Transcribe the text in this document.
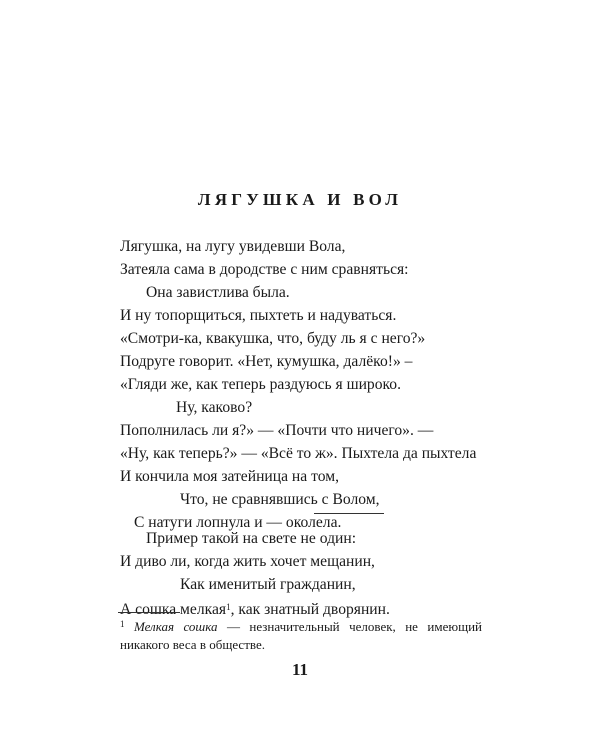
ЛЯГУШКА И ВОЛ
Лягушка, на лугу увидевши Вола,
Затеяла сама в дородстве с ним сравняться:
Она завистлива была.
И ну топорщиться, пыхтеть и надуваться.
«Смотри-ка, квакушка, что, буду ль я с него?»
Подруге говорит. «Нет, кумушка, далёко!» –
«Гляди же, как теперь раздуюсь я широко.
Ну, каково?
Пополнилась ли я?» — «Почти что ничего». —
«Ну, как теперь?» — «Всё то ж». Пыхтела да пыхтела
И кончила моя затейница на том,
Что, не сравнявшись с Волом,
С натуги лопнула и — околела.
Пример такой на свете не один:
И диво ли, когда жить хочет мещанин,
Как именитый гражданин,
А сошка мелкая$^1$, как знатный дворянин.
$^1$ Мелкая сошка — незначительный человек, не имеющий никакого веса в обществе.
11
